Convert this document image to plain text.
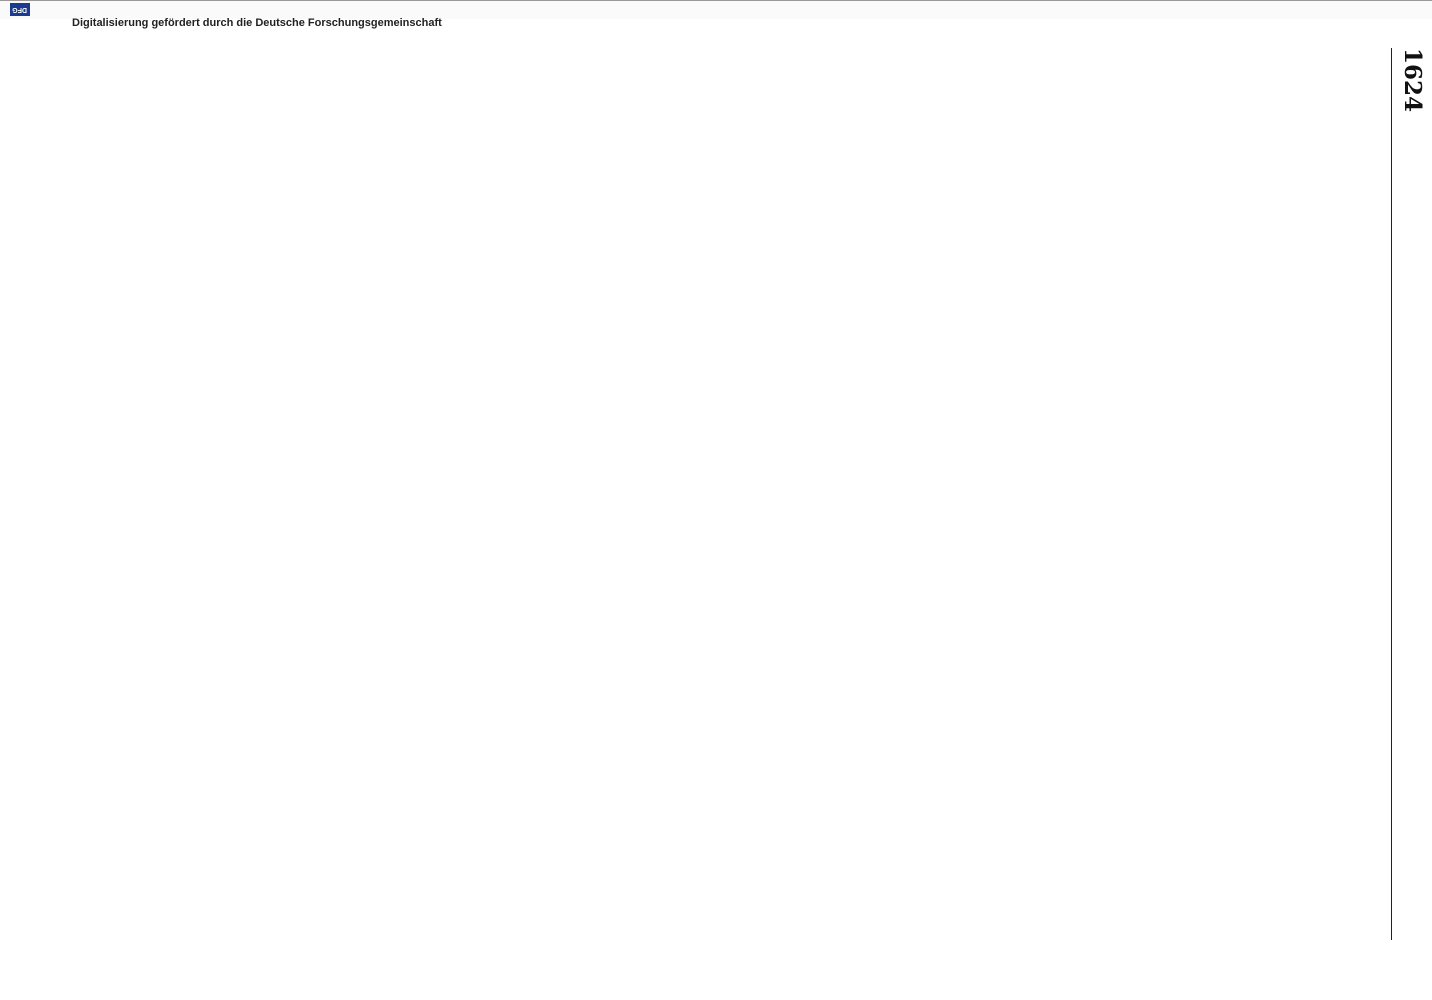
1624

Digitalisierung gefördert durch die Deutsche Forschungsgemeinschaft
DFG
